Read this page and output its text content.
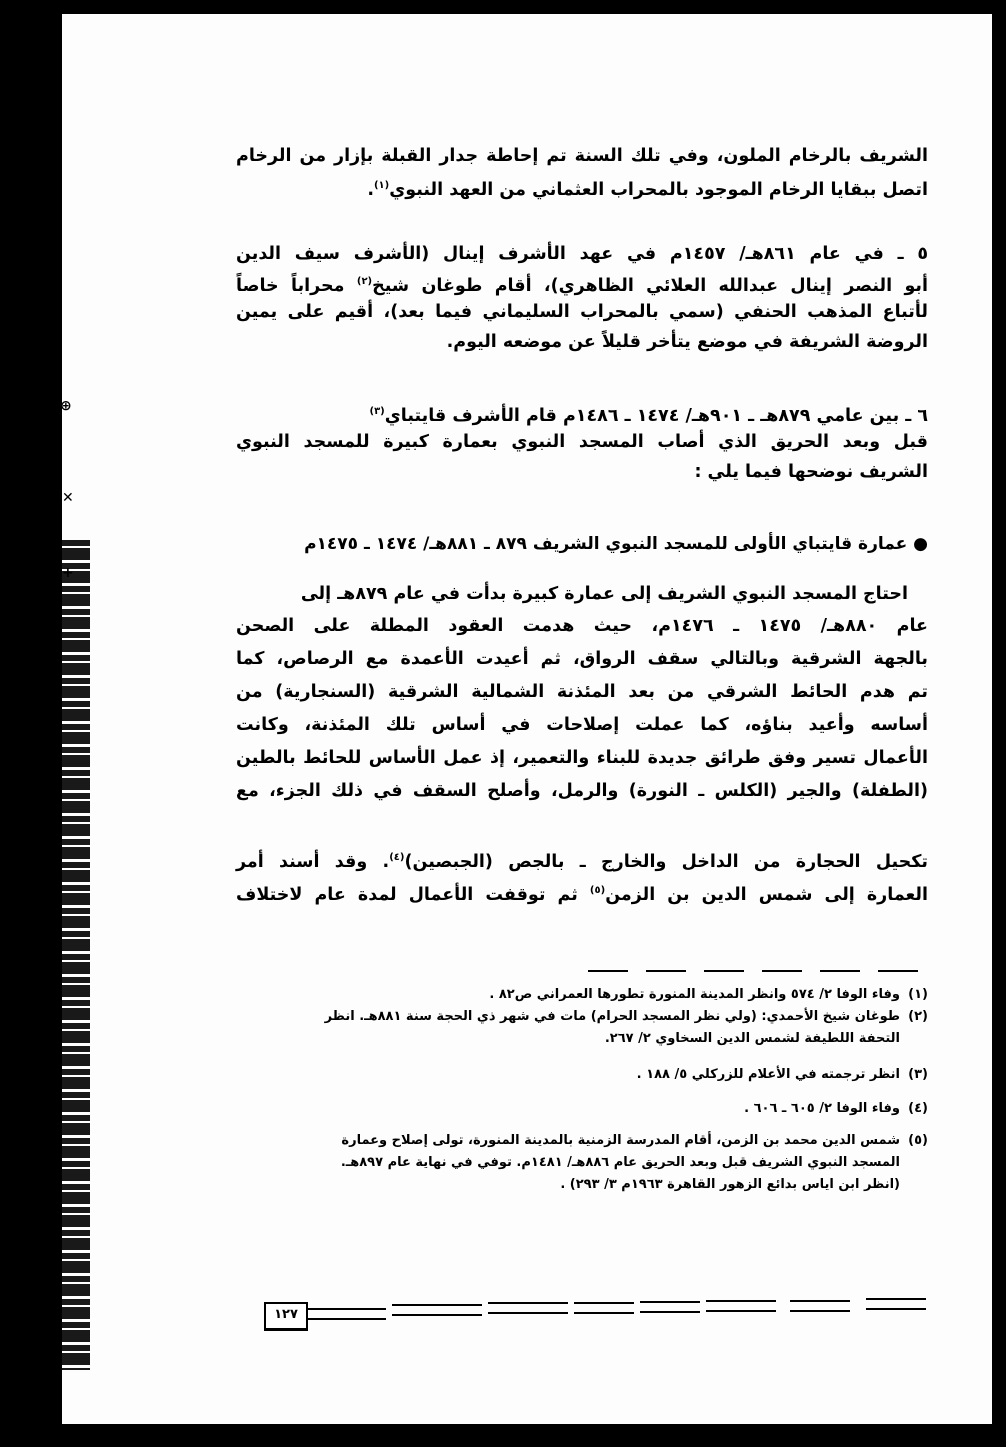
الشريف بالرخام الملون، وفي تلك السنة تم إحاطة جدار القبلة بإزار من الرخام
اتصل ببقايا الرخام الموجود بالمحراب العثماني من العهد النبوي$^{(١)}$.
٥ ـ في عام ٨٦١هـ/ ١٤٥٧م في عهد الأشرف إينال (الأشرف سيف الدين
أبو النصر إينال عبدالله العلائي الظاهري)، أقام طوغان شيخ$^{(٢)}$ محراباً خاصاً
لأتباع المذهب الحنفي (سمي بالمحراب السليماني فيما بعد)، أقيم على يمين
الروضة الشريفة في موضع يتأخر قليلاً عن موضعه اليوم.
٦ ـ بين عامي ٨٧٩هـ ـ ٩٠١هـ/ ١٤٧٤ ـ ١٤٨٦م قام الأشرف قايتباي$^{(٣)}$
قبل وبعد الحريق الذي أصاب المسجد النبوي بعمارة كبيرة للمسجد النبوي
الشريف نوضحها فيما يلي :
● عمارة قايتباي الأولى للمسجد النبوي الشريف ٨٧٩ ـ ٨٨١هـ/ ١٤٧٤ ـ ١٤٧٥م
احتاج المسجد النبوي الشريف إلى عمارة كبيرة بدأت في عام ٨٧٩هـ إلى
عام ٨٨٠هـ/ ١٤٧٥ ـ ١٤٧٦م، حيث هدمت العقود المطلة على الصحن
بالجهة الشرقية وبالتالي سقف الرواق، ثم أعيدت الأعمدة مع الرصاص، كما
تم هدم الحائط الشرقي من بعد المئذنة الشمالية الشرقية (السنجارية) من
أساسه وأعيد بناؤه، كما عملت إصلاحات في أساس تلك المئذنة، وكانت
الأعمال تسير وفق طرائق جديدة للبناء والتعمير، إذ عمل الأساس للحائط بالطين
(الطفلة) والجير (الكلس ـ النورة) والرمل، وأصلح السقف في ذلك الجزء، مع
تكحيل الحجارة من الداخل والخارج ـ بالجص (الجبصين)$^{(٤)}$. وقد أسند أمر
العمارة إلى شمس الدين بن الزمن$^{(٥)}$ ثم توقفت الأعمال لمدة عام لاختلاف
(١)وفاء الوفا ٢/ ٥٧٤ وانظر المدينة المنورة تطورها العمراني ص٨٢ .
(٢)طوغان شيخ الأحمدي: (ولي نظر المسجد الحرام) مات في شهر ذي الحجة سنة ٨٨١هـ. انظر
التحفة اللطيفة لشمس الدين السخاوي ٢/ ٢٦٧.
(٣)انظر ترجمته في الأعلام للزركلي ٥/ ١٨٨ .
(٤)وفاء الوفا ٢/ ٦٠٥ ـ ٦٠٦ .
(٥)شمس الدين محمد بن الزمن، أقام المدرسة الزمنية بالمدينة المنورة، تولى إصلاح وعمارة
المسجد النبوي الشريف قبل وبعد الحريق عام ٨٨٦هـ/ ١٤٨١م. توفي في نهاية عام ٨٩٧هـ.
(انظر ابن اياس بدائع الزهور القاهرة ١٩٦٣م ٣/ ٢٩٣) .
١٢٧
⊕
✕
+
